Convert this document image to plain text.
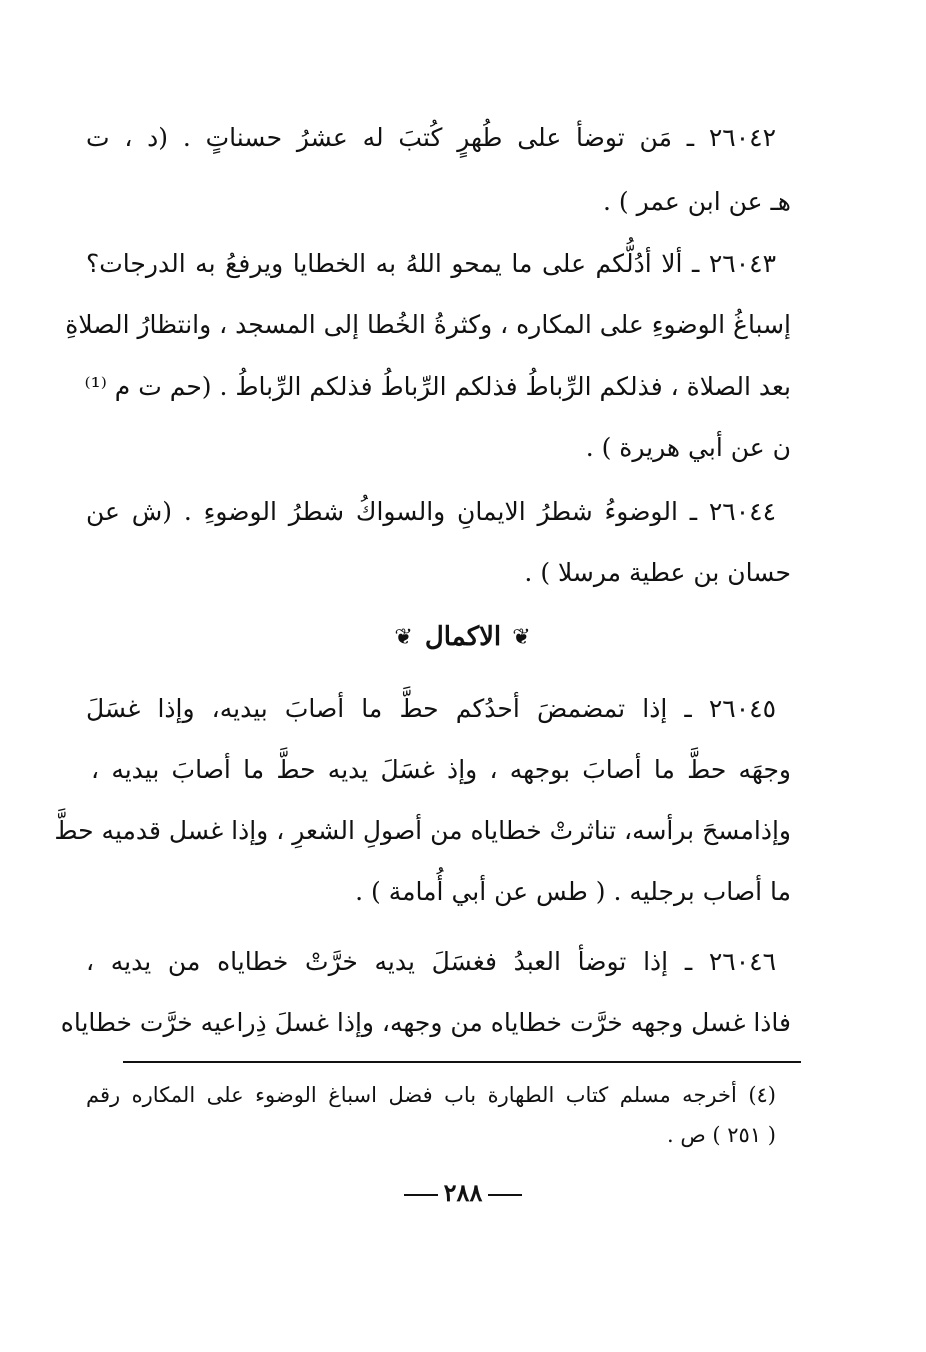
٢٦٠٤٢ ـ مَن توضأ على طُهرٍ كُتبَ له عشرُ حسناتٍ . (د ، ت
هـ عن ابن عمر ) .
٢٦٠٤٣ ـ ألا أدُلُّكم على ما يمحو اللهُ به الخطايا ويرفعُ به الدرجات؟
إسباغُ الوضوءِ على المكاره ، وكثرةُ الخُطا إلى المسجد ، وانتظارُ الصلاةِ
بعد الصلاة ، فذلكم الرِّباطُ فذلكم الرِّباطُ فذلكم الرِّباطُ . (حم ت م ⁽¹⁾
ن عن أبي هريرة ) .
٢٦٠٤٤ ـ الوضوءُ شطرُ الايمانِ والسواكُ شطرُ الوضوءِ . (ش عن
حسان بن عطية مرسلا ) .
❦ الاكمال ❦
٢٦٠٤٥ ـ إذا تمضمضَ أحدُكم حطَّ ما أصابَ بيديه، وإذا غسَلَ
وجهَه حطَّ ما أصابَ بوجهه ، وإذ غسَلَ يديه حطَّ ما أصابَ بيديه ،
وإذامسحَ برأسه، تناثرتْ خطاياه من أصولِ الشعرِ ، وإذا غسل قدميه حطَّ
ما أصاب برجليه . ( طس عن أبي أُمامة ) .
٢٦٠٤٦ ـ إذا توضأ العبدُ فغسَلَ يديه خرَّتْ خطاياه من يديه ،
فاذا غسل وجهه خرَّت خطاياه من وجهه، وإذا غسلَ ذِراعيه خرَّت خطاياه
(٤) أخرجه مسلم كتاب الطهارة باب فضل اسباغ الوضوء على المكاره رقم
( ٢٥١ ) ص .
٢٨٨
